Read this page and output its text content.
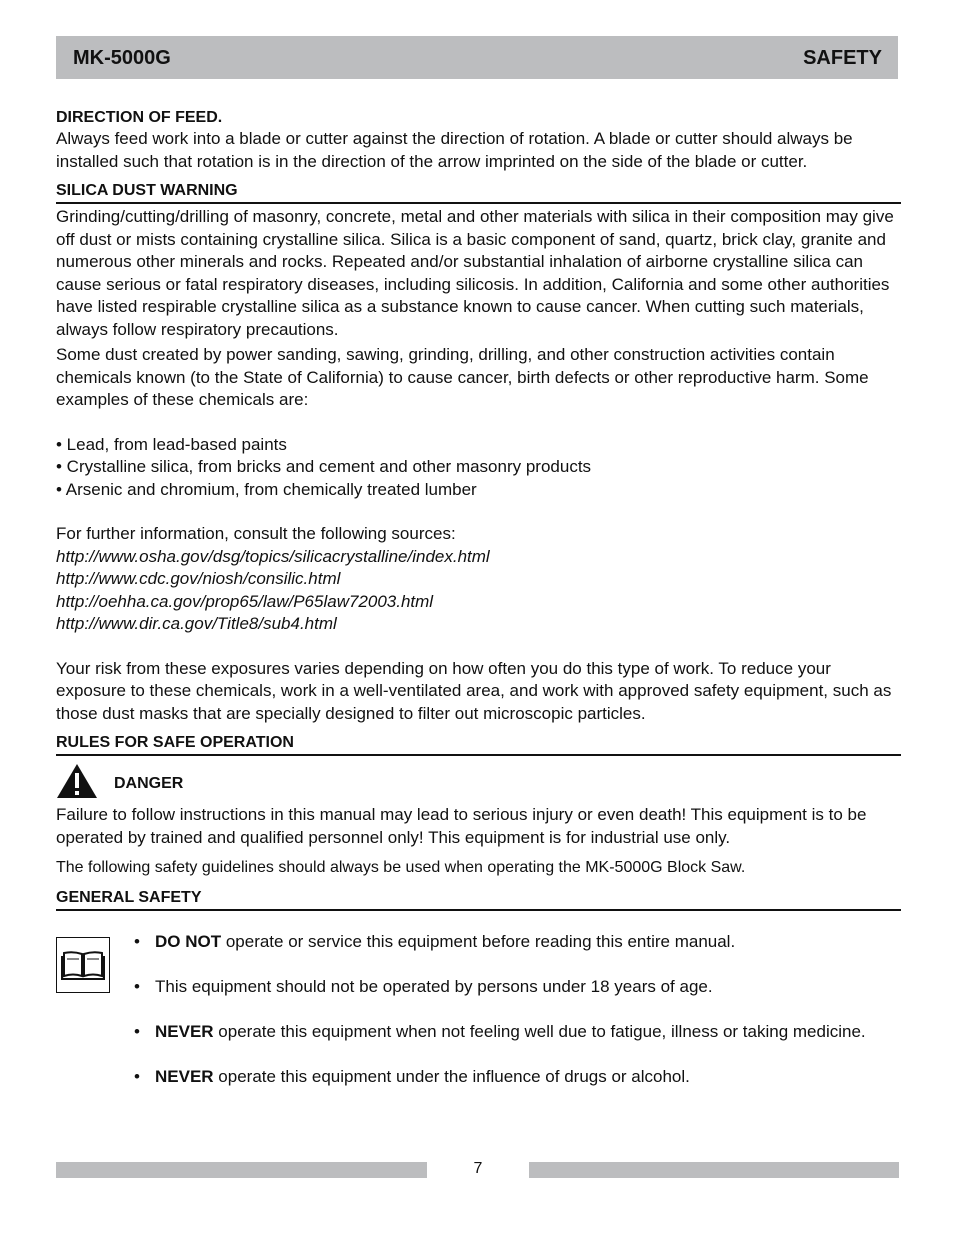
MK-5000G	SAFETY
DIRECTION OF FEED.

Always feed work into a blade or cutter against the direction of rotation. A blade or cutter should always be installed such that rotation is in the direction of the arrow imprinted on the side of the blade or cutter.

SILICA DUST WARNING

Grinding/cutting/drilling of masonry, concrete, metal and other materials with silica in their composition may give off dust or mists containing crystalline silica. Silica is a basic component of sand, quartz, brick clay, granite and numerous other minerals and rocks. Repeated and/or substantial inhalation of airborne crystalline silica can cause serious or fatal respiratory diseases, including silicosis. In addition, California and some other authorities have listed respirable crystalline silica as a substance known to cause cancer. When cutting such materials, always follow respiratory precautions.

Some dust created by power sanding, sawing, grinding, drilling, and other construction activities contain chemicals known (to the State of California) to cause cancer, birth defects or other reproductive harm. Some examples of these chemicals are:

• Lead, from lead-based paints
• Crystalline silica, from bricks and cement and other masonry products
• Arsenic and chromium, from chemically treated lumber
For further information, consult the following sources:
http://www.osha.gov/dsg/topics/silicacrystalline/index.html
http://www.cdc.gov/niosh/consilic.html
http://oehha.ca.gov/prop65/law/P65law72003.html
http://www.dir.ca.gov/Title8/sub4.html

Your risk from these exposures varies depending on how often you do this type of work. To reduce your exposure to these chemicals, work in a well-ventilated area, and work with approved safety equipment, such as those dust masks that are specially designed to filter out microscopic particles.

RULES FOR SAFE OPERATION
DANGER

Failure to follow instructions in this manual may lead to serious injury or even death! This equipment is to be operated by trained and qualified personnel only! This equipment is for industrial use only.

The following safety guidelines should always be used when operating the MK-5000G Block Saw.

GENERAL SAFETY
• DO NOT operate or service this equipment before reading this entire manual.
• This equipment should not be operated by persons under 18 years of age.
• NEVER operate this equipment when not feeling well due to fatigue, illness or taking medicine.
• NEVER operate this equipment under the influence of drugs or alcohol.
7
